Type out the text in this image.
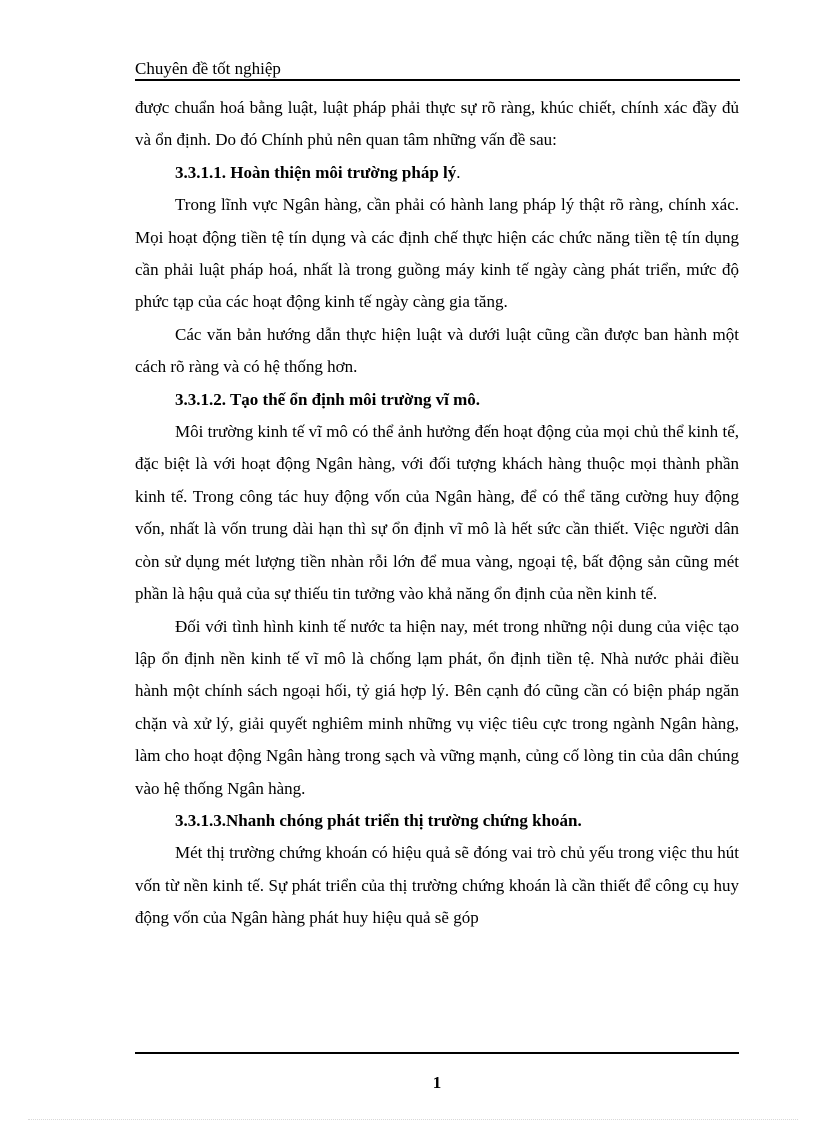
Chuyên đề tốt nghiệp

được chuẩn hoá bằng luật, luật pháp phải thực sự rõ ràng, khúc chiết, chính xác đầy đủ và ổn định. Do đó Chính phủ nên quan tâm những vấn đề sau:

3.3.1.1. Hoàn thiện môi trường pháp lý.

Trong lĩnh vực Ngân hàng, cần phải có hành lang pháp lý thật rõ ràng, chính xác. Mọi hoạt động tiền tệ tín dụng và các định chế thực hiện các chức năng tiền tệ tín dụng cần phải luật pháp hoá, nhất là trong guồng máy kinh tế ngày càng phát triển, mức độ phức tạp của các hoạt động kinh tế ngày càng gia tăng.

Các văn bản hướng dẫn thực hiện luật và dưới luật cũng cần được ban hành một cách rõ ràng và có hệ thống hơn.

3.3.1.2. Tạo thế ổn định môi trường vĩ mô.

Môi trường kinh tế vĩ mô có thể ảnh hưởng đến hoạt động của mọi chủ thể kinh tế, đặc biệt là với hoạt động Ngân hàng, với đối tượng khách hàng thuộc mọi thành phần kinh tế. Trong công tác huy động vốn của Ngân hàng, để có thể tăng cường huy động vốn, nhất là vốn trung dài hạn thì sự ổn định vĩ mô là hết sức cần thiết. Việc người dân còn sử dụng mét lượng tiền nhàn rỗi lớn để mua vàng, ngoại tệ, bất động sản cũng mét phần là hậu quả của sự thiếu tin tưởng vào khả năng ổn định của nền kinh tế.

Đối với tình hình kinh tế nước ta hiện nay, mét trong những nội dung của việc tạo lập ổn định nền kinh tế vĩ mô là chống lạm phát, ổn định tiền tệ. Nhà nước phải điều hành một chính sách ngoại hối, tỷ giá hợp lý. Bên cạnh đó cũng cần có biện pháp ngăn chặn và xử lý, giải quyết nghiêm minh những vụ việc tiêu cực trong ngành Ngân hàng, làm cho hoạt động Ngân hàng trong sạch và vững mạnh, củng cố lòng tin của dân chúng vào hệ thống Ngân hàng.

3.3.1.3.Nhanh chóng phát triển thị trường chứng khoán.

Mét thị trường chứng khoán có hiệu quả sẽ đóng vai trò chủ yếu trong việc thu hút vốn từ nền kinh tế. Sự phát triển của thị trường chứng khoán là cần thiết để công cụ huy động vốn của Ngân hàng phát huy hiệu quả sẽ góp

1
